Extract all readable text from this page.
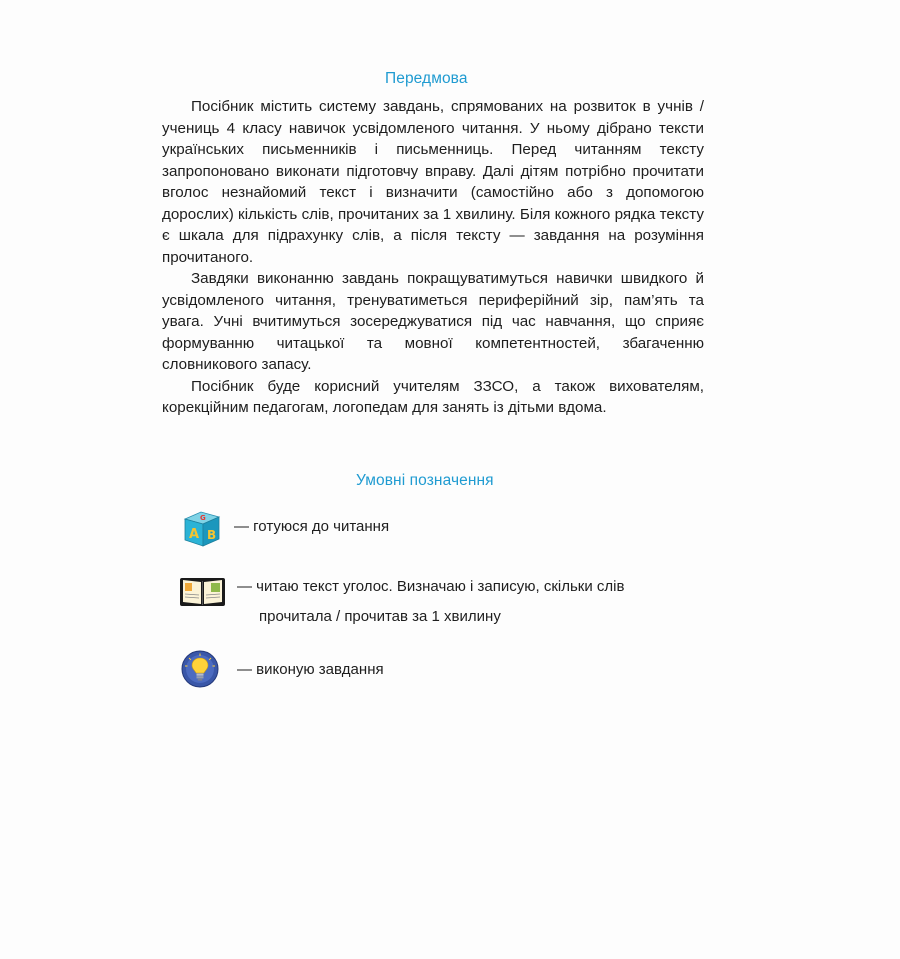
Передмова

Посібник містить систему завдань, спрямованих на розвиток в учнів / учениць 4 класу навичок усвідомленого читання. У ньому дібрано тексти українських письменників і письменниць. Перед читанням тексту запропоновано виконати підготовчу вправу. Далі дітям потрібно прочитати вголос незнайомий текст і визначити (самостійно або з допомогою дорослих) кількість слів, прочитаних за 1 хвилину. Біля кожного рядка тексту є шкала для підрахунку слів, а після тексту — завдання на розуміння прочитаного.

Завдяки виконанню завдань покращуватимуться навички швидкого й усвідомленого читання, тренуватиметься периферійний зір, пам’ять та увага. Учні вчитимуться зосереджуватися під час навчання, що сприяє формуванню читацької та мовної компетентностей, збагаченню словникового запасу.

Посібник буде корисний учителям ЗЗСО, а також вихователям, корекційним педагогам, логопедам для занять із дітьми вдома.

Умовні позначення
G
A B — готуюся до читання
— читаю текст уголос. Визначаю і записую, скільки слів
прочитала / прочитав за 1 хвилину
— виконую завдання
